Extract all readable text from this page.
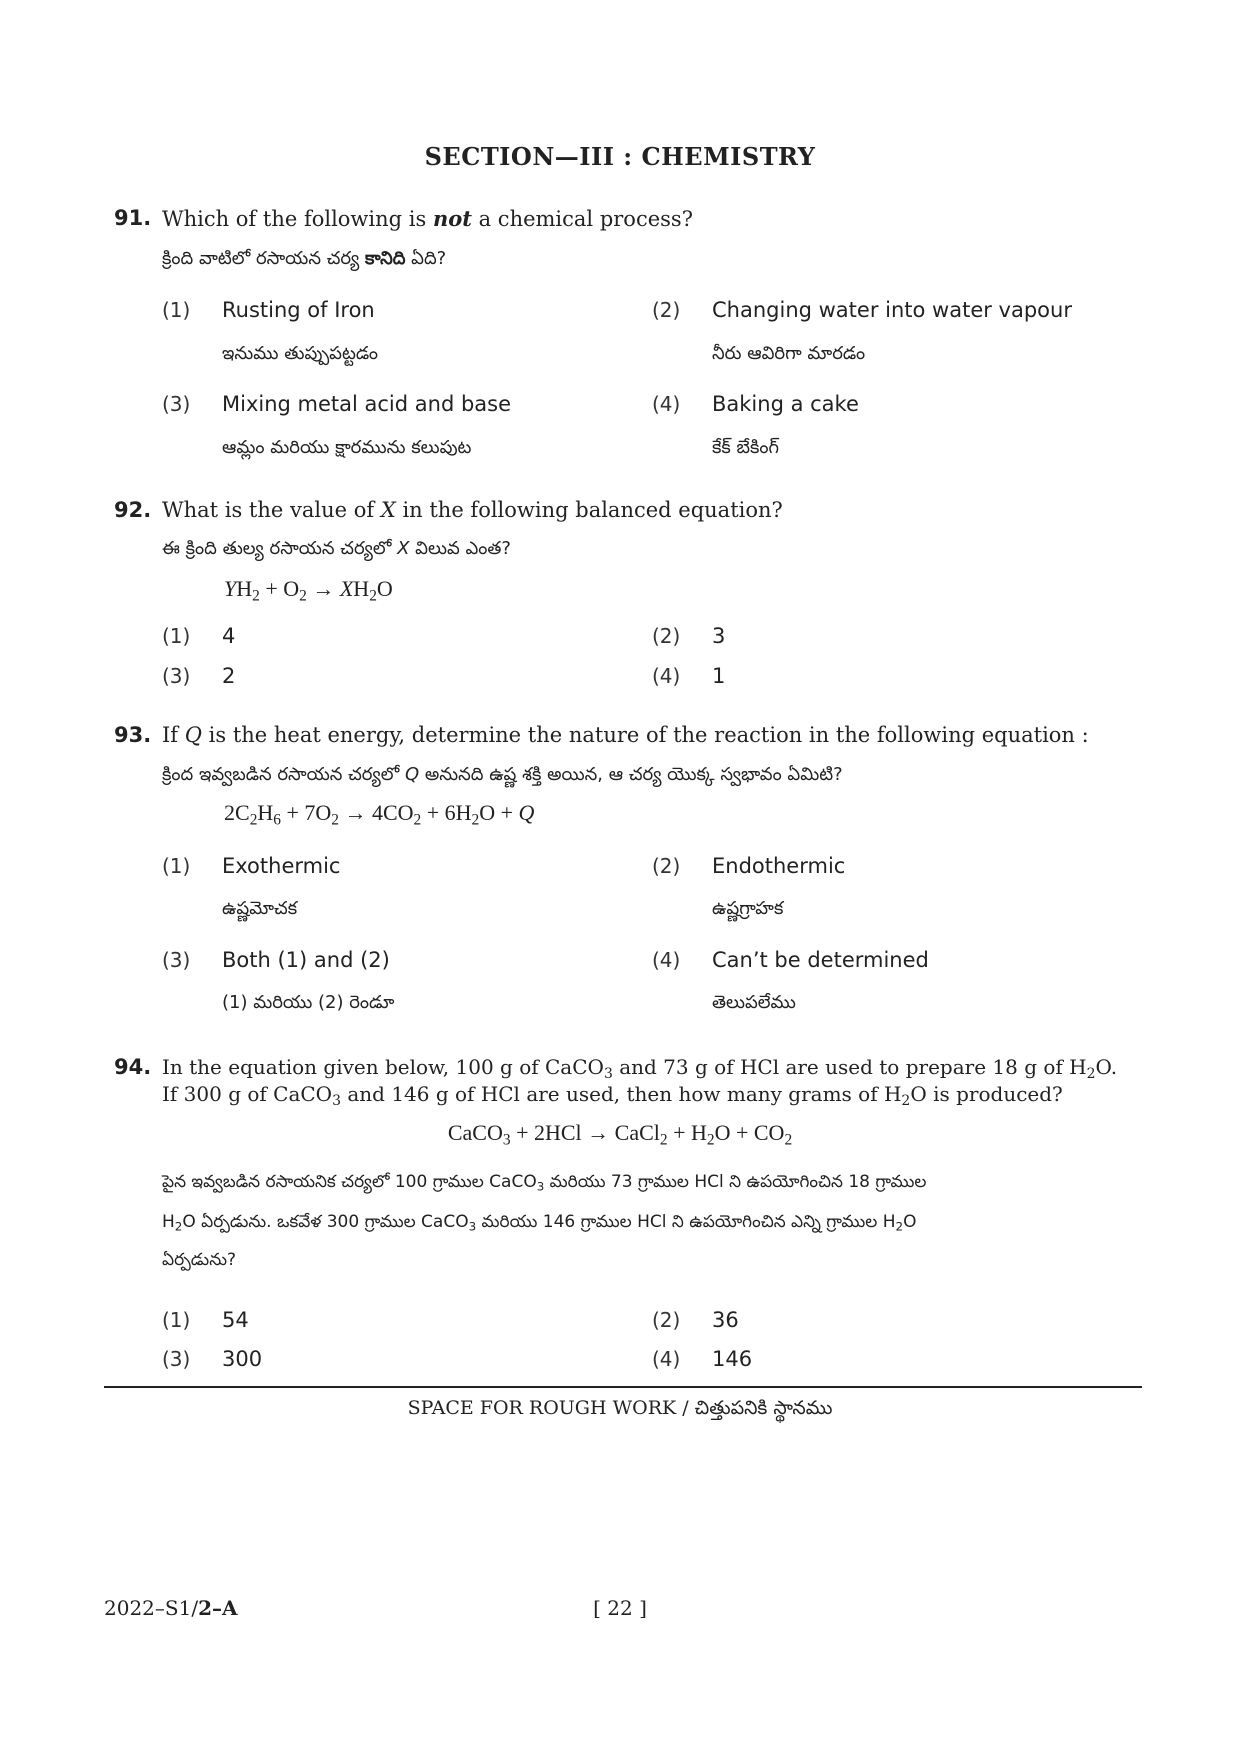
SECTION—III : CHEMISTRY
91. Which of the following is not a chemical process?
క్రింది వాటిలో రసాయన చర్య కానిది ఏది?
(1) Rusting of Iron
ఇనుము తుప్పుపట్టడం
(2) Changing water into water vapour
నీరు ఆవిరిగా మారడం
(3) Mixing metal acid and base
ఆమ్లం మరియు క్షారమును కలుపుట
(4) Baking a cake
కేక్ బేకింగ్
92. What is the value of X in the following balanced equation?
ఈ క్రింది తుల్య రసాయన చర్యలో X విలువ ఎంత?
$YH_2 + O_2 \to XH_2O$
(1) 4	(2) 3
(3) 2	(4) 1
93. If Q is the heat energy, determine the nature of the reaction in the following equation :
క్రింద ఇవ్వబడిన రసాయన చర్యలో Q అనునది ఉష్ణ శక్తి అయిన, ఆ చర్య యొక్క స్వభావం ఏమిటి?
$2C_2H_6 + 7O_2 \to 4CO_2 + 6H_2O + Q$
(1) Exothermic
ఉష్ణమోచక
(2) Endothermic
ఉష్ణగ్రాహక
(3) Both (1) and (2)
(1) మరియు (2) రెండూ
(4) Can’t be determined
తెలుపలేము
94. In the equation given below, 100 g of CaCO$_3$ and 73 g of HCl are used to prepare 18 g of $H_2O$.
If 300 g of CaCO$_3$ and 146 g of HCl are used, then how many grams of $H_2O$ is produced?
CaCO$_3$ + 2HCl → CaCl$_2$ + $H_2O + CO_2$
పైన ఇవ్వబడిన రసాయనిక చర్యలో 100 గ్రాముల CaCO$_3$ మరియు 73 గ్రాముల HCl ని ఉపయోగించిన 18 గ్రాముల
$H_2O$ ఏర్పడును. ఒకవేళ 300 గ్రాముల CaCO$_3$ మరియు 146 గ్రాముల HCl ని ఉపయోగించిన ఎన్ని గ్రాముల $H_2O$
ఏర్పడును?
(1) 54	(2) 36
(3) 300	(4) 146
SPACE FOR ROUGH WORK / చిత్తుపనికి స్థానము
2022–S1/2–A	[ 22 ]
